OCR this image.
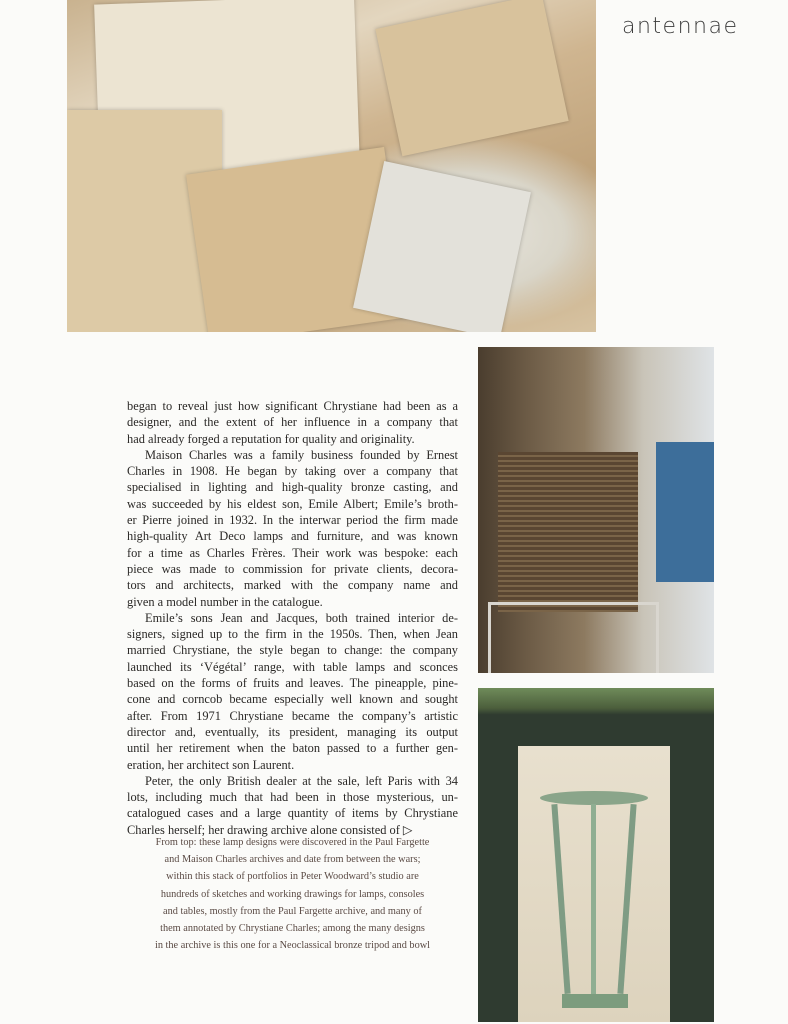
antennae
began to reveal just how significant Chrystiane had been as a
designer, and the extent of her influence in a company that
had already forged a reputation for quality and originality.
Maison Charles was a family business founded by Ernest
Charles in 1908. He began by taking over a company that
specialised in lighting and high-quality bronze casting, and
was succeeded by his eldest son, Emile Albert; Emile’s broth-
er Pierre joined in 1932. In the interwar period the firm made
high-quality Art Deco lamps and furniture, and was known
for a time as Charles Frères. Their work was bespoke: each
piece was made to commission for private clients, decora-
tors and architects, marked with the company name and
given a model number in the catalogue.
Emile’s sons Jean and Jacques, both trained interior de-
signers, signed up to the firm in the 1950s. Then, when Jean
married Chrystiane, the style began to change: the company
launched its ‘Végétal’ range, with table lamps and sconces
based on the forms of fruits and leaves. The pineapple, pine-
cone and corncob became especially well known and sought
after. From 1971 Chrystiane became the company’s artistic
director and, eventually, its president, managing its output
until her retirement when the baton passed to a further gen-
eration, her architect son Laurent.
Peter, the only British dealer at the sale, left Paris with 34
lots, including much that had been in those mysterious, un-
catalogued cases and a large quantity of items by Chrystiane
Charles herself; her drawing archive alone consisted of ▷
From top: these lamp designs were discovered in the Paul Fargette
and Maison Charles archives and date from between the wars;
within this stack of portfolios in Peter Woodward’s studio are
hundreds of sketches and working drawings for lamps, consoles
and tables, mostly from the Paul Fargette archive, and many of
them annotated by Chrystiane Charles; among the many designs
in the archive is this one for a Neoclassical bronze tripod and bowl
